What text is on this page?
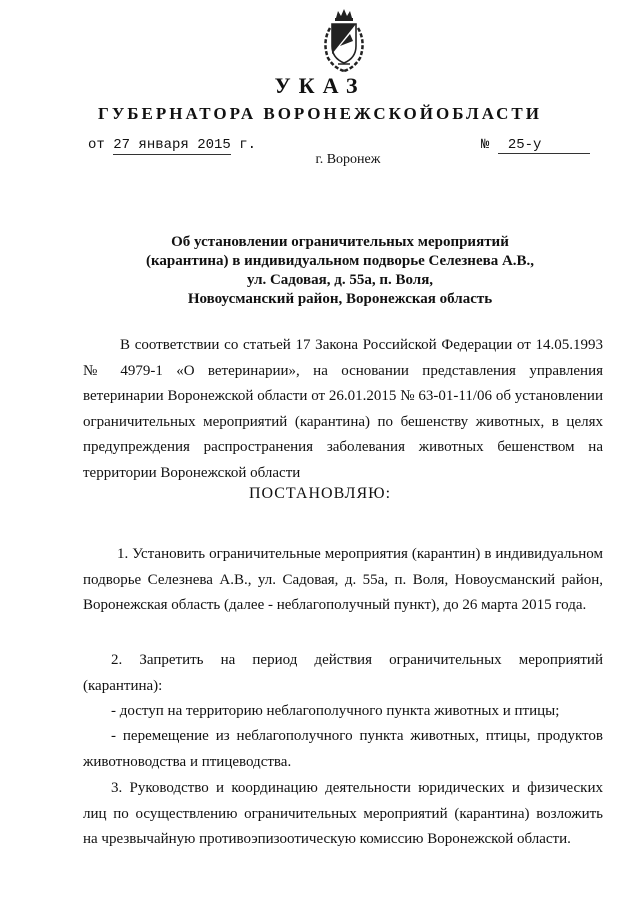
УКАЗ
ГУБЕРНАТОРА ВОРОНЕЖСКОЙОБЛАСТИ
от 27 января 2015 г.	№ 25-у
г. Воронеж
Об установлении ограничительных мероприятий
(карантина) в индивидуальном подворье Селезнева А.В.,
ул. Садовая, д. 55а, п. Воля,
Новоусманский район, Воронежская область

В соответствии со статьей 17 Закона Российской Федерации от 14.05.1993 № 4979-1 «О ветеринарии», на основании представления управления ветеринарии Воронежской области от 26.01.2015 № 63-01-11/06 об установлении ограничительных мероприятий (карантина) по бешенству животных, в целях предупреждения распространения заболевания животных бешенством на территории Воронежской области

ПОСТАНОВЛЯЮ:

1. Установить ограничительные мероприятия (карантин) в индивидуальном подворье Селезнева А.В., ул. Садовая, д. 55а, п. Воля, Новоусманский район, Воронежская область (далее - неблагополучный пункт), до 26 марта 2015 года.

2. Запретить на период действия ограничительных мероприятий (карантина):

- доступ на территорию неблагополучного пункта животных и птицы;

- перемещение из неблагополучного пункта животных, птицы, продуктов животноводства и птицеводства.

3. Руководство и координацию деятельности юридических и физических лиц по осуществлению ограничительных мероприятий (карантина) возложить на чрезвычайную противоэпизоотическую комиссию Воронежской области.
